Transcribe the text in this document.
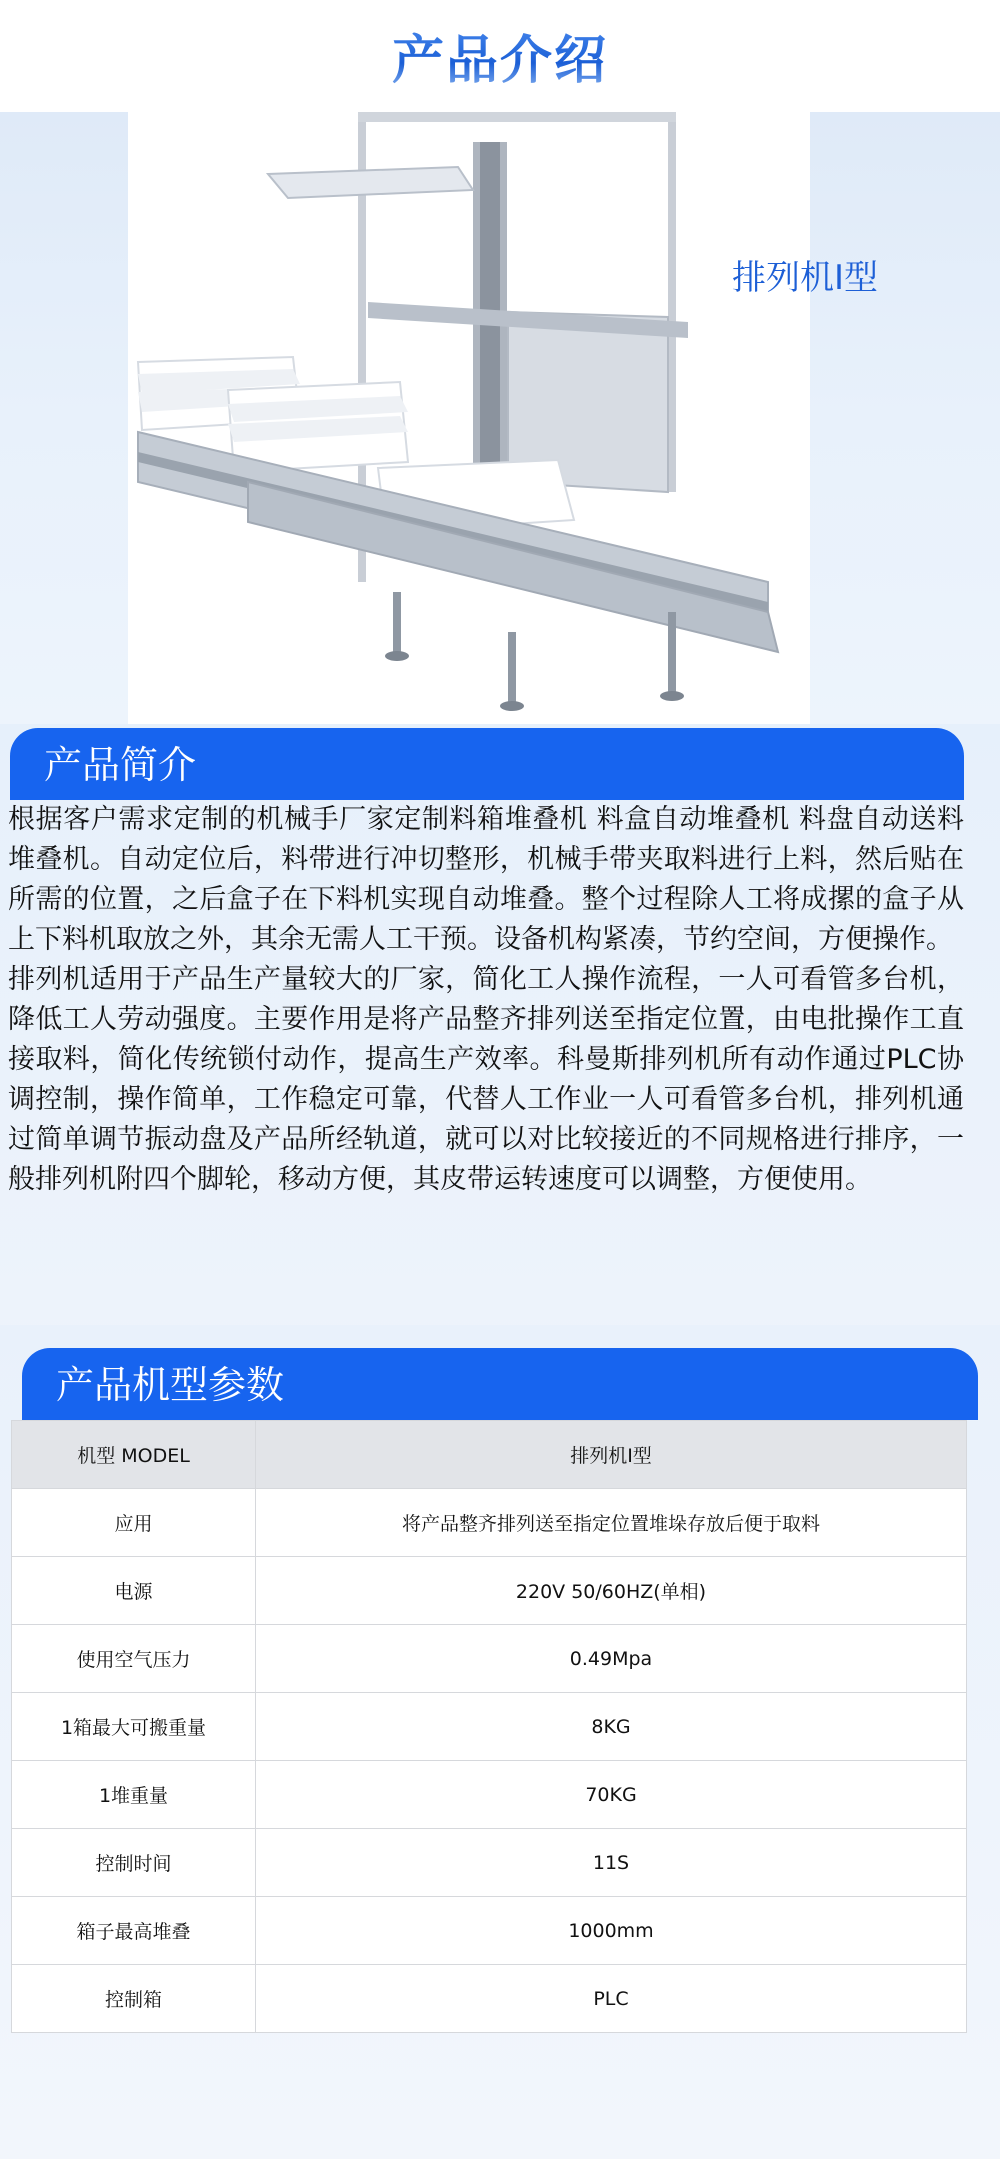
产品介绍
排列机I型
产品简介

根据客户需求定制的机械手厂家定制料箱堆叠机 料盒自动堆叠机 料盘自动送料堆叠机。自动定位后，料带进行冲切整形，机械手带夹取料进行上料，然后贴在所需的位置，之后盒子在下料机实现自动堆叠。整个过程除人工将成摞的盒子从上下料机取放之外，其余无需人工干预。设备机构紧凑，节约空间，方便操作。

排列机适用于产品生产量较大的厂家，简化工人操作流程，一人可看管多台机，降低工人劳动强度。主要作用是将产品整齐排列送至指定位置，由电批操作工直接取料，简化传统锁付动作，提高生产效率。科曼斯排列机所有动作通过PLC协调控制，操作简单，工作稳定可靠，代替人工作业一人可看管多台机，排列机通过简单调节振动盘及产品所经轨道，就可以对比较接近的不同规格进行排序，一般排列机附四个脚轮，移动方便，其皮带运转速度可以调整，方便使用。

产品机型参数
机型 MODEL	排列机I型
应用	将产品整齐排列送至指定位置堆垛存放后便于取料
电源	220V 50/60HZ(单相)
使用空气压力	0.49Mpa
1箱最大可搬重量	8KG
1堆重量	70KG
控制时间	11S
箱子最高堆叠	1000mm
控制箱	PLC
